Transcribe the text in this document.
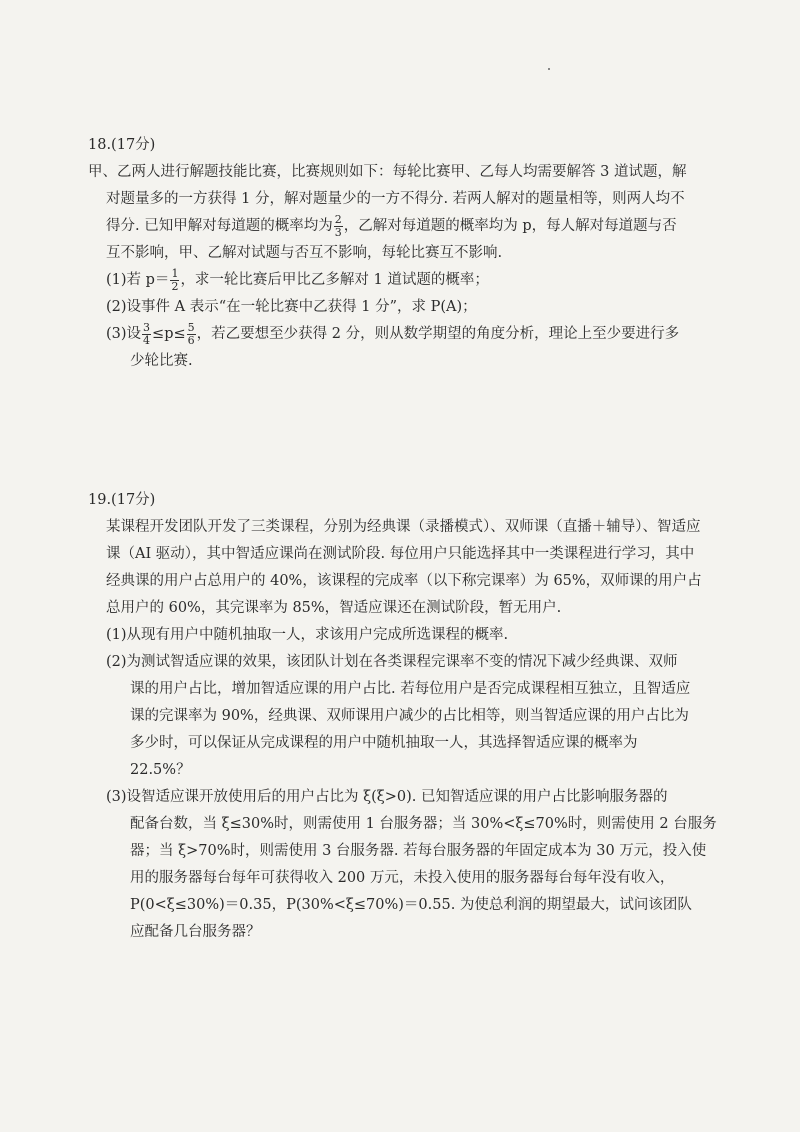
18.(17分)
甲、乙两人进行解题技能比赛，比赛规则如下：每轮比赛甲、乙每人均需要解答 3 道试题，解
对题量多的一方获得 1 分，解对题量少的一方不得分. 若两人解对的题量相等，则两人均不
得分. 已知甲解对每道题的概率均为 $\frac{2}{3}$ ，乙解对每道题的概率均为 p，每人解对每道题与否
互不影响，甲、乙解对试题与否互不影响，每轮比赛互不影响.
(1)若 $p= \frac{1}{2}$ ，求一轮比赛后甲比乙多解对 1 道试题的概率；
(2)设事件 A 表示“在一轮比赛中乙获得 1 分”，求 P(A)；
(3)设 $\frac{3}{4} \le p\le \frac{5}{6}$ ，若乙要想至少获得 2 分，则从数学期望的角度分析，理论上至少要进行多
少轮比赛.
19.(17分)
某课程开发团队开发了三类课程，分别为经典课（录播模式）、双师课（直播＋辅导）、智适应
课（AI 驱动），其中智适应课尚在测试阶段. 每位用户只能选择其中一类课程进行学习，其中
经典课的用户占总用户的 40%，该课程的完成率（以下称完课率）为 65%，双师课的用户占
总用户的 60%，其完课率为 85%，智适应课还在测试阶段，暂无用户.
(1)从现有用户中随机抽取一人，求该用户完成所选课程的概率.
(2)为测试智适应课的效果，该团队计划在各类课程完课率不变的情况下减少经典课、双师
课的用户占比，增加智适应课的用户占比. 若每位用户是否完成课程相互独立，且智适应
课的完课率为 90%，经典课、双师课用户减少的占比相等，则当智适应课的用户占比为
多少时，可以保证从完成课程的用户中随机抽取一人，其选择智适应课的概率为
22.5%？
(3)设智适应课开放使用后的用户占比为 ξ(ξ>0). 已知智适应课的用户占比影响服务器的
配备台数，当 ξ≤30%时，则需使用 1 台服务器；当 30%<ξ≤70%时，则需使用 2 台服务
器；当 ξ>70%时，则需使用 3 台服务器. 若每台服务器的年固定成本为 30 万元，投入使
用的服务器每台每年可获得收入 200 万元，未投入使用的服务器每台每年没有收入，
P(0<ξ≤30%)＝0.35，P(30%<ξ≤70%)＝0.55. 为使总利润的期望最大，试问该团队
应配备几台服务器？
